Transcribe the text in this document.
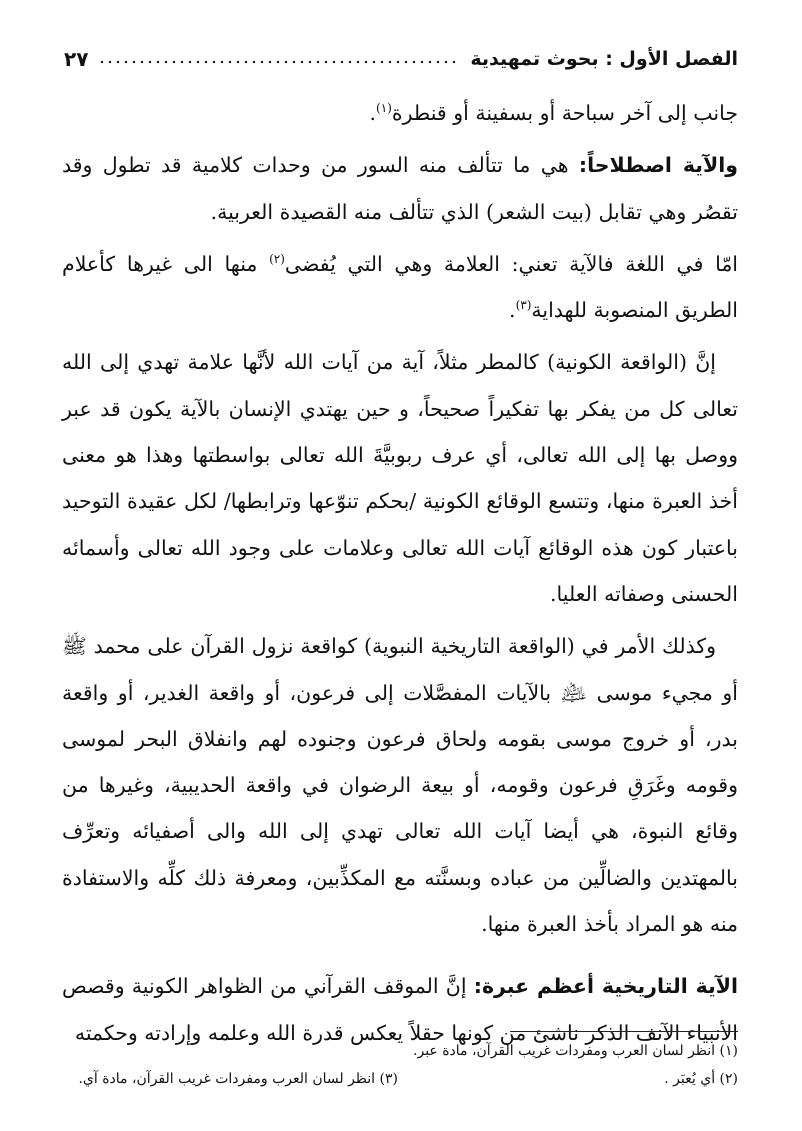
الفصل الأول : بحوث تمهيدية
٢٧

جانب إلى آخر سباحة أو بسفينة أو قنطرة$^{(١)}$.

والآية اصطلاحاً: هي ما تتألف منه السور من وحدات كلامية قد تطول وقد تقصُر وهي تقابل (بيت الشعر) الذي تتألف منه القصيدة العربية.

امّا في اللغة فالآية تعني: العلامة وهي التي يُفضى$^{(٢)}$ منها الى غيرها كأعلام الطريق المنصوبة للهداية$^{(٣)}$.

إنَّ (الواقعة الكونية) كالمطر مثلاً، آية من آيات الله لأنَّها علامة تهدي إلى الله تعالى كل من يفكر بها تفكيراً صحيحاً، و حين يهتدي الإنسان بالآية يكون قد عبر ووصل بها إلى الله تعالى، أي عرف ربوبيَّةَ الله تعالى بواسطتها وهذا هو معنى أخذ العبرة منها، وتتسع الوقائع الكونية /بحكم تنوّعها وترابطها/ لكل عقيدة التوحيد باعتبار كون هذه الوقائع آيات الله تعالى وعلامات على وجود الله تعالى وأسمائه الحسنى وصفاته العليا.

وكذلك الأمر في (الواقعة التاريخية النبوية) كواقعة نزول القرآن على محمد ﷺ أو مجيء موسى ﵇ بالآيات المفصَّلات إلى فرعون، أو واقعة الغدير، أو واقعة بدر، أو خروج موسى بقومه ولحاق فرعون وجنوده لهم وانفلاق البحر لموسى وقومه وغَرَقِ فرعون وقومه، أو بيعة الرضوان في واقعة الحديبية، وغيرها من وقائع النبوة، هي أيضا آيات الله تعالى تهدي إلى الله والى أصفيائه وتعرِّف بالمهتدين والضالِّين من عباده وبسنَّته مع المكذِّبين، ومعرفة ذلك كلِّه والاستفادة منه هو المراد بأخذ العبرة منها.

الآية التاريخية أعظم عبرة: إنَّ الموقف القرآني من الظواهر الكونية وقصص الأنبياء الآنف الذكر ناشئ من كونها حقلاً يعكس قدرة الله وعلمه وإرادته وحكمته

(١) انظر لسان العرب ومفردات غريب القرآن، مادة عبر.
(٢) أي يُعبَر .
(٣) انظر لسان العرب ومفردات غريب القرآن، مادة آي.
